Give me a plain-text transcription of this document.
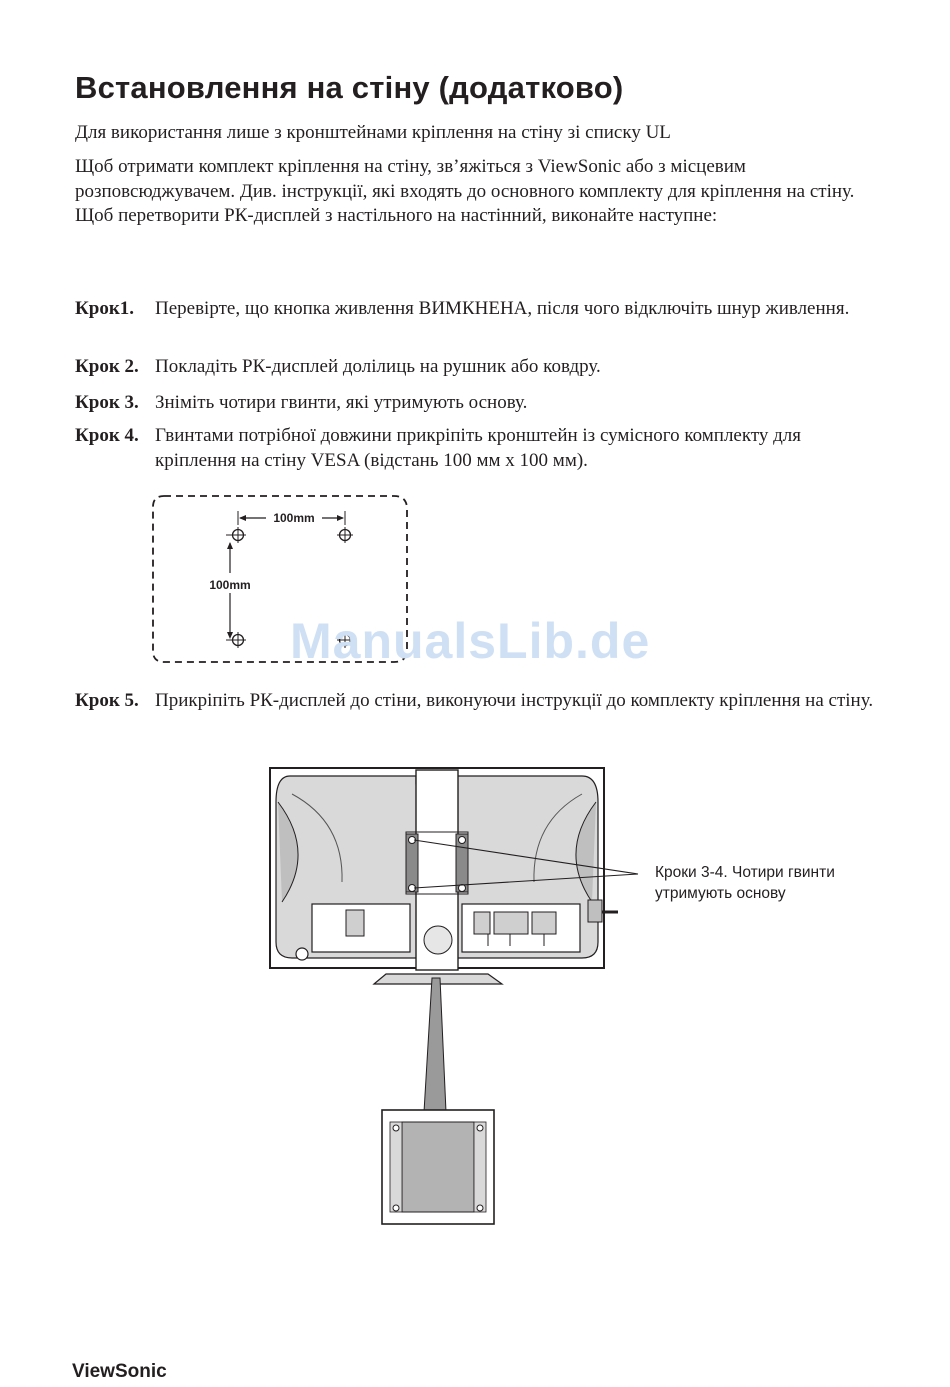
Встановлення на стіну (додатково)

Для використання лише з кронштейнами кріплення на стіну зі списку UL

Щоб отримати комплект кріплення на стіну, зв’яжіться з ViewSonic або з місцевим розповсюджувачем. Див. інструкції, які входять до основного комплекту для кріплення на стіну. Щоб перетворити РК-дисплей з настільного на настінний, виконайте наступне:

Крок1. Перевірте, що кнопка живлення ВИМКНЕНА, після чого відключіть шнур живлення.
Крок 2. Покладіть РК-дисплей долілиць на рушник або ковдру.
Крок 3. Зніміть чотири гвинти, які утримують основу.
Крок 4. Гвинтами потрібної довжини прикріпіть кронштейн із сумісного комплекту для кріплення на стіну VESA (відстань 100 мм x 100 мм).
100mm
100mm
ManualsLib.de
Крок 5. Прикріпіть РК-дисплей до стіни, виконуючи інструкції до комплекту кріплення на стіну.
Кроки 3-4. Чотири гвинти утримують основу
ViewSonic
